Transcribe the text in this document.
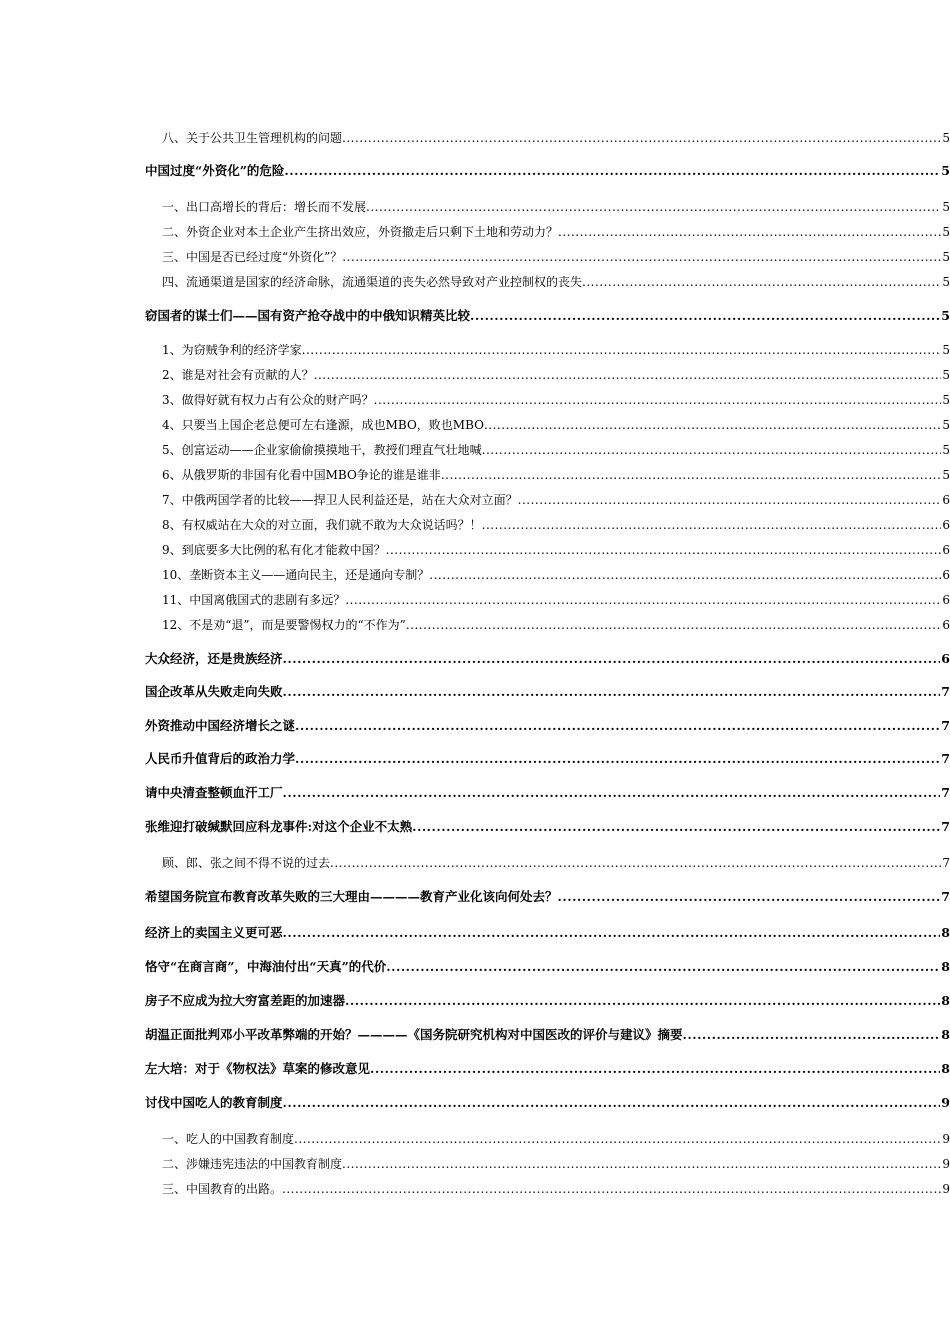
八、关于公共卫生管理机构的问题 .....	5
中国过度“外资化”的危险 .....	5
一、出口高增长的背后：增长而不发展 .....	5
二、外资企业对本土企业产生挤出效应，外资撤走后只剩下土地和劳动力？ .....	5
三、中国是否已经过度“外资化”？ .....	5
四、流通渠道是国家的经济命脉，流通渠道的丧失必然导致对产业控制权的丧失 .....	5
窃国者的谋士们——国有资产抢夺战中的中俄知识精英比较 .....	5
1、为窃贼争利的经济学家 .....	5
2、谁是对社会有贡献的人？ .....	5
3、做得好就有权力占有公众的财产吗？ .....	5
4、只要当上国企老总便可左右逢源，成也MBO，败也MBO .....	5
5、创富运动——企业家偷偷摸摸地干，教授们理直气壮地喊 .....	5
6、从俄罗斯的非国有化看中国MBO争论的谁是谁非 .....	5
7、中俄两国学者的比较——捍卫人民利益还是，站在大众对立面？ .....	6
8、有权威站在大众的对立面，我们就不敢为大众说话吗？！ .....	6
9、到底要多大比例的私有化才能救中国？ .....	6
10、垄断资本主义——通向民主，还是通向专制？ .....	6
11、中国离俄国式的悲剧有多远？ .....	6
12、不是劝“退”，而是要警惕权力的“不作为” .....	6
大众经济，还是贵族经济 .....	6
国企改革从失败走向失败 .....	7
外资推动中国经济增长之谜 .....	7
人民币升值背后的政治力学 .....	7
请中央清查整顿血汗工厂 .....	7
张维迎打破缄默回应科龙事件:对这个企业不太熟 .....	7
顾、郎、张之间不得不说的过去 .....	7
希望国务院宣布教育改革失败的三大理由————教育产业化该向何处去？ .....	7
经济上的卖国主义更可恶 .....	8
恪守“在商言商”，中海油付出“天真”的代价 .....	8
房子不应成为拉大穷富差距的加速器 .....	8
胡温正面批判邓小平改革弊端的开始？————《国务院研究机构对中国医改的评价与建议》摘要 .....	8
左大培：对于《物权法》草案的修改意见 .....	8
讨伐中国吃人的教育制度 .....	9
一、吃人的中国教育制度 .....	9
二、涉嫌违宪违法的中国教育制度 .....	9
三、中国教育的出路。 .....	9
